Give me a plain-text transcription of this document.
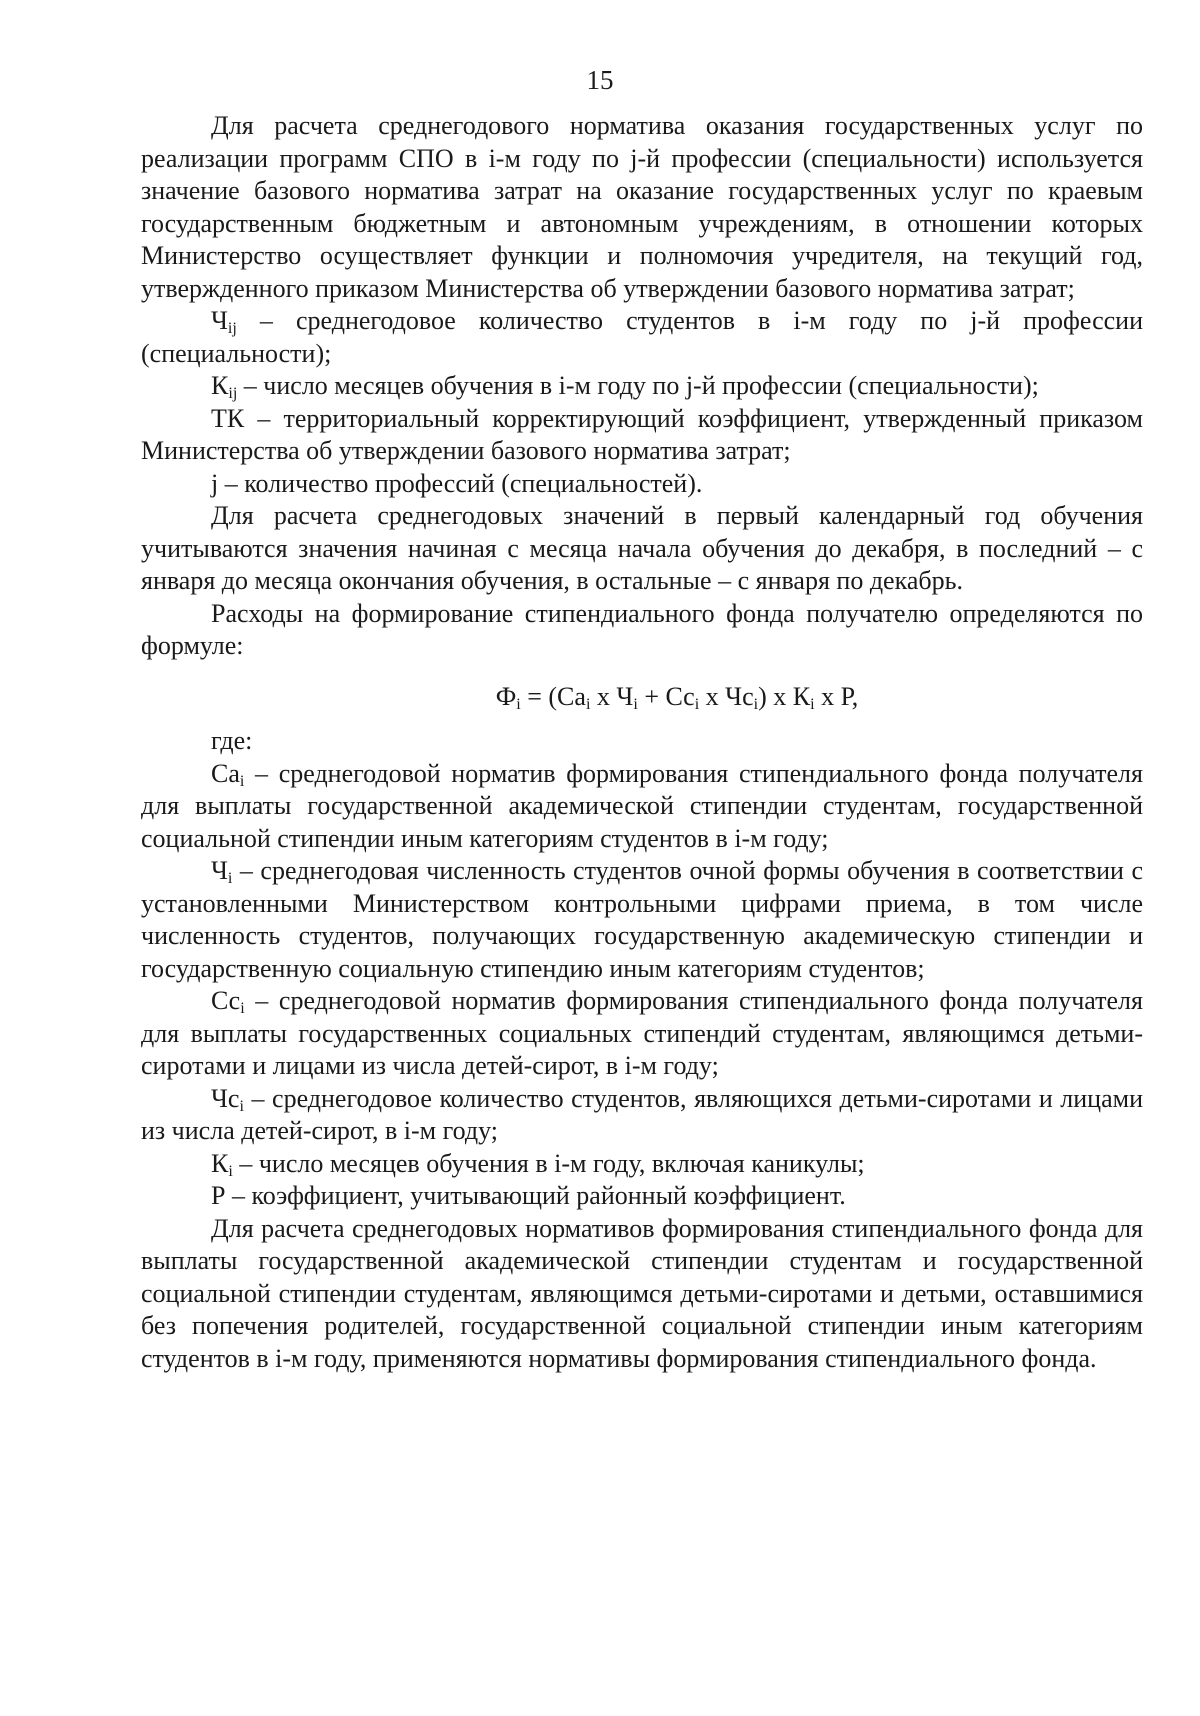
15

Для расчета среднегодового норматива оказания государственных услуг по реализации программ СПО в i-м году по j-й профессии (специальности) используется значение базового норматива затрат на оказание государственных услуг по краевым государственным бюджетным и автономным учреждениям, в отношении которых Министерство осуществляет функции и полномочия учредителя, на текущий год, утвержденного приказом Министерства об утверждении базового норматива затрат;

$Ч_{ij}$ – среднегодовое количество студентов в i-м году по j-й профессии (специальности);

$К_{ij}$ – число месяцев обучения в i-м году по j-й профессии (специальности);

ТК – территориальный корректирующий коэффициент, утвержденный приказом Министерства об утверждении базового норматива затрат;

j – количество профессий (специальностей).

Для расчета среднегодовых значений в первый календарный год обучения учитываются значения начиная с месяца начала обучения до декабря, в последний – с января до месяца окончания обучения, в остальные – с января по декабрь.

Расходы на формирование стипендиального фонда получателю определяются по формуле:

$Ф_i = (Са_i$ х $Ч_i + Сс_i$ х $Чс_i$) х $К_i$ х Р,

где:

$Са_i$ – среднегодовой норматив формирования стипендиального фонда получателя для выплаты государственной академической стипендии студентам, государственной социальной стипендии иным категориям студентов в i-м году;

$Ч_i$ – среднегодовая численность студентов очной формы обучения в соответствии с установленными Министерством контрольными цифрами приема, в том числе численность студентов, получающих государственную академическую стипендии и государственную социальную стипендию иным категориям студентов;

$Сс_i$ – среднегодовой норматив формирования стипендиального фонда получателя для выплаты государственных социальных стипендий студентам, являющимся детьми-сиротами и лицами из числа детей-сирот, в i-м году;

$Чс_i$ – среднегодовое количество студентов, являющихся детьми-сиротами и лицами из числа детей-сирот, в i-м году;

$К_i$ – число месяцев обучения в i-м году, включая каникулы;

Р – коэффициент, учитывающий районный коэффициент.

Для расчета среднегодовых нормативов формирования стипендиального фонда для выплаты государственной академической стипендии студентам и государственной социальной стипендии студентам, являющимся детьми-сиротами и детьми, оставшимися без попечения родителей, государственной социальной стипендии иным категориям студентов в i-м году, применяются нормативы формирования стипендиального фонда.
